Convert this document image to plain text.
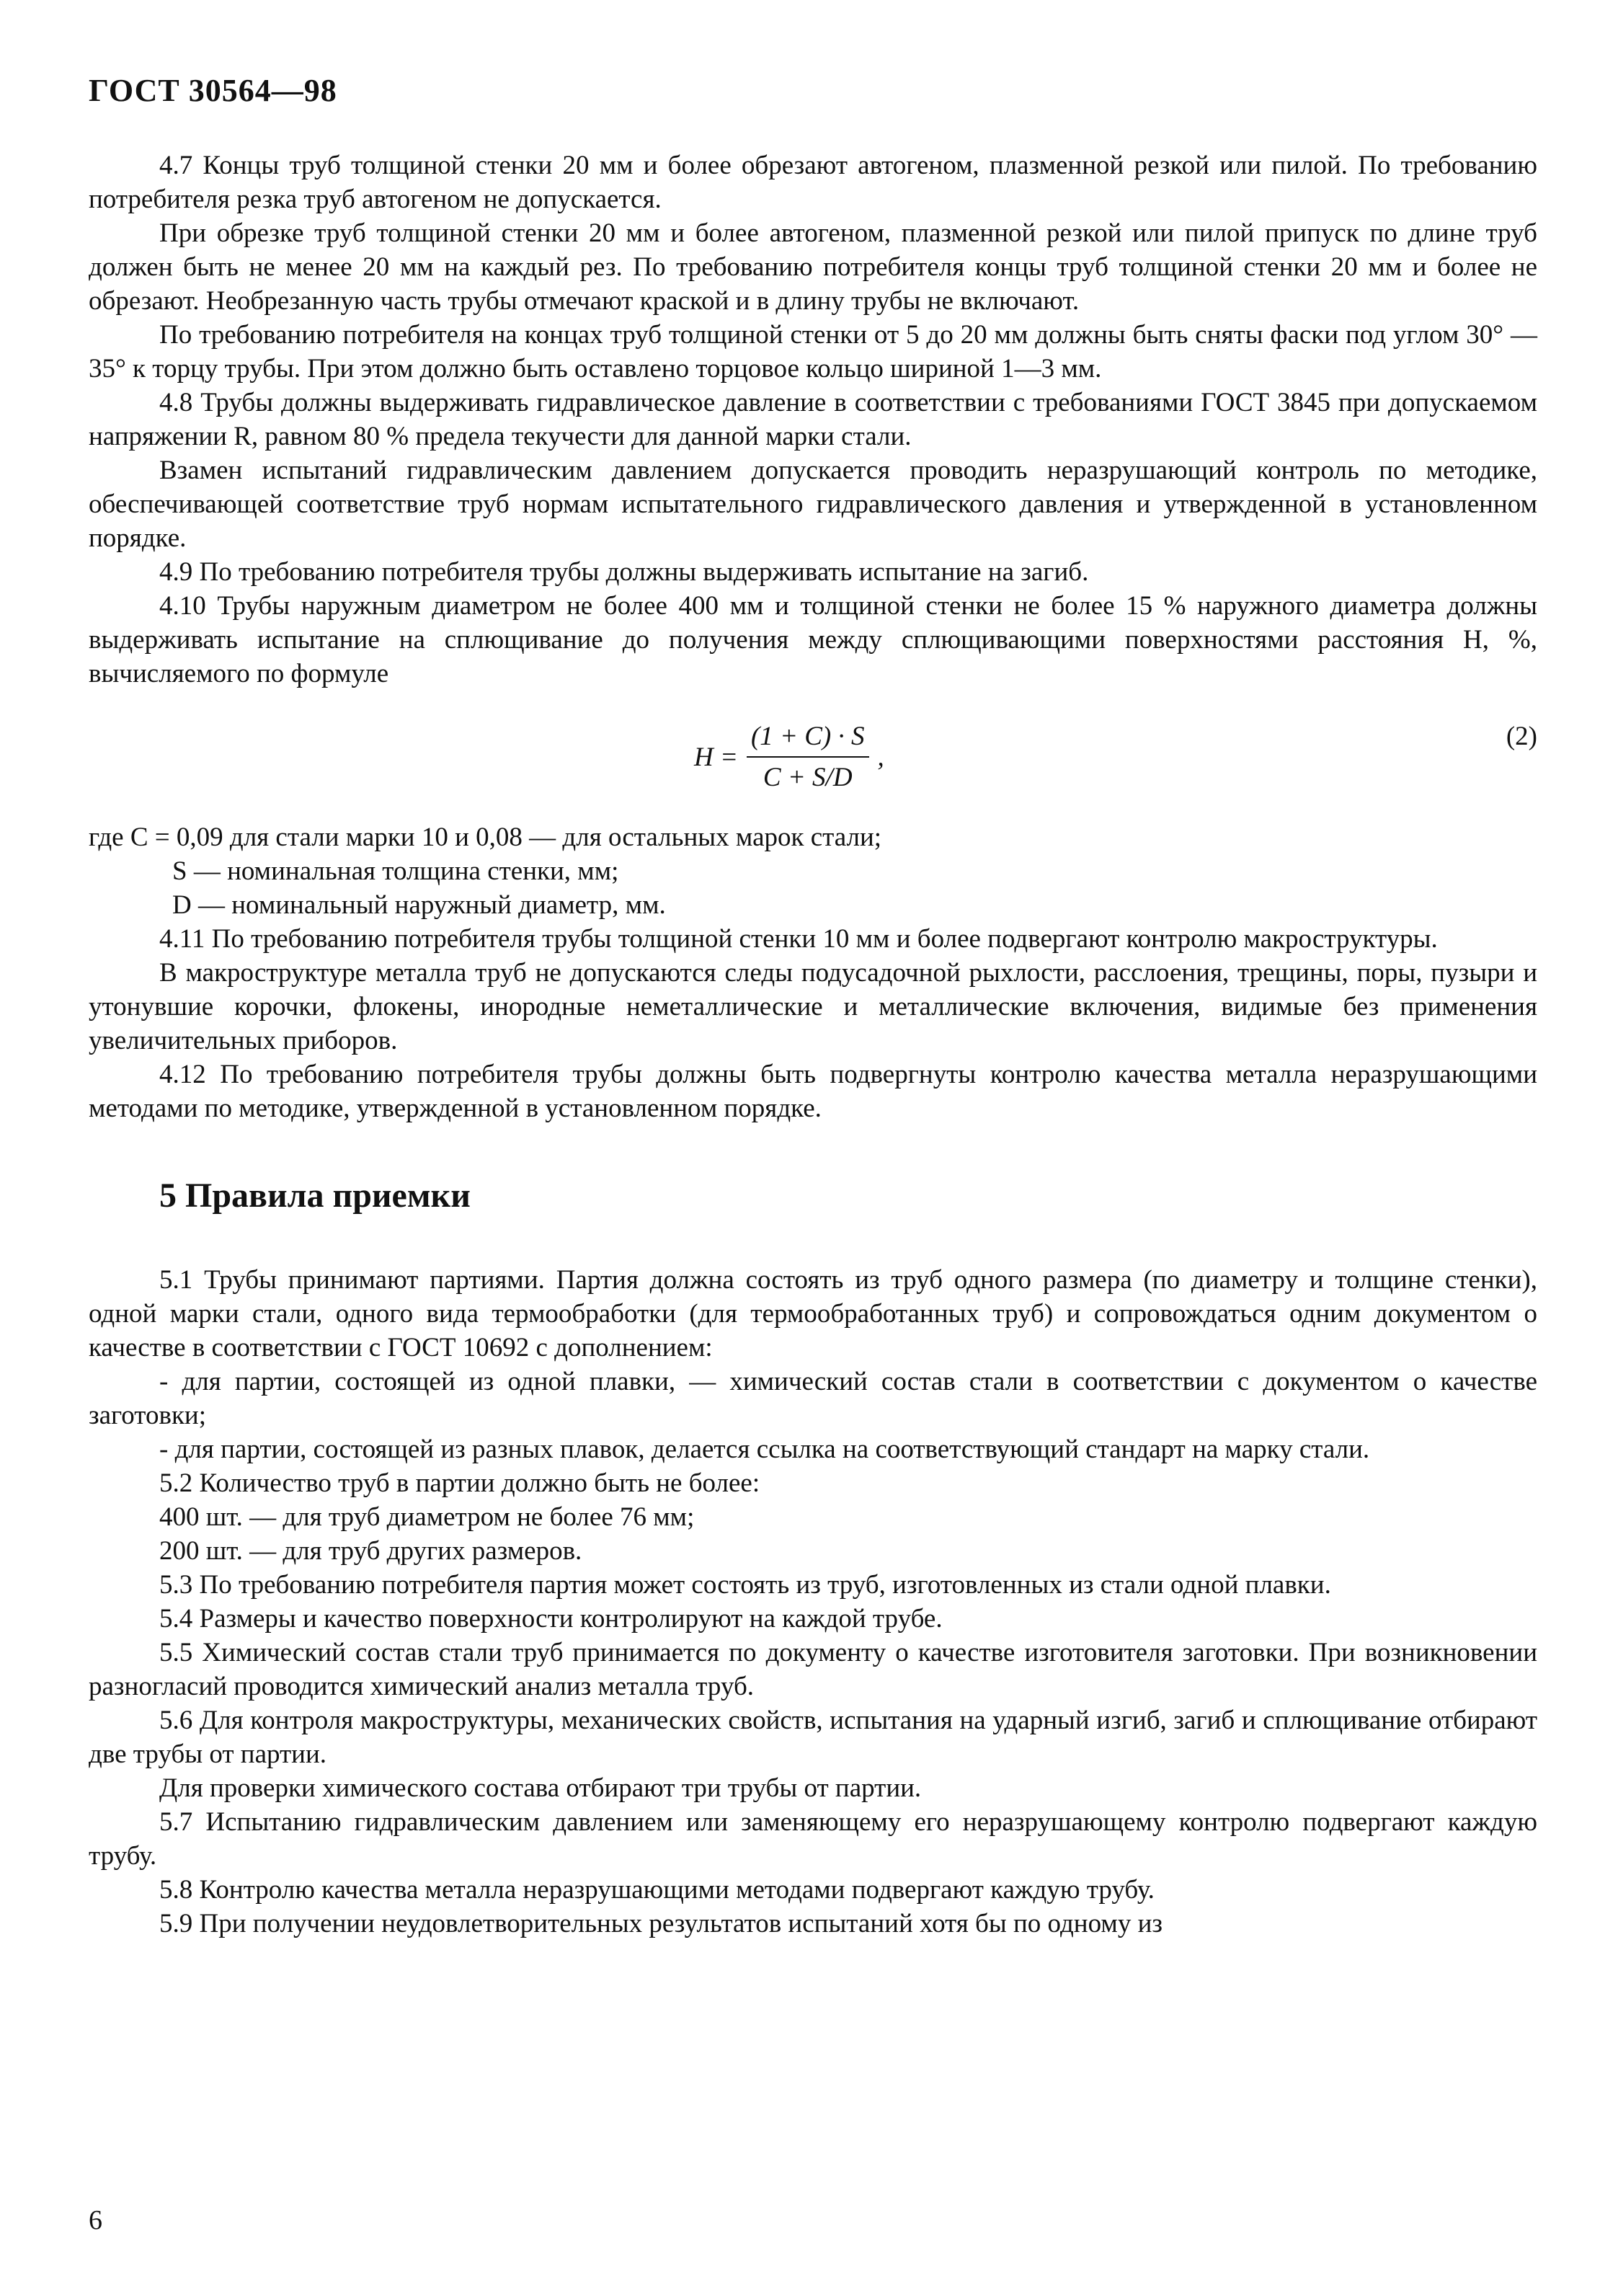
ГОСТ 30564—98

4.7 Концы труб толщиной стенки 20 мм и более обрезают автогеном, плазменной резкой или пилой. По требованию потребителя резка труб автогеном не допускается.

При обрезке труб толщиной стенки 20 мм и более автогеном, плазменной резкой или пилой припуск по длине труб должен быть не менее 20 мм на каждый рез. По требованию потребителя концы труб толщиной стенки 20 мм и более не обрезают. Необрезанную часть трубы отмечают краской и в длину трубы не включают.

По требованию потребителя на концах труб толщиной стенки от 5 до 20 мм должны быть сняты фаски под углом 30° — 35° к торцу трубы. При этом должно быть оставлено торцовое кольцо шириной 1—3 мм.

4.8 Трубы должны выдерживать гидравлическое давление в соответствии с требованиями ГОСТ 3845 при допускаемом напряжении R, равном 80 % предела текучести для данной марки стали.

Взамен испытаний гидравлическим давлением допускается проводить неразрушающий контроль по методике, обеспечивающей соответствие труб нормам испытательного гидравлического давления и утвержденной в установленном порядке.

4.9 По требованию потребителя трубы должны выдерживать испытание на загиб.

4.10 Трубы наружным диаметром не более 400 мм и толщиной стенки не более 15 % наружного диаметра должны выдерживать испытание на сплющивание до получения между сплющивающими поверхностями расстояния H, %, вычисляемого по формуле

$H = \frac{(1 + C) \cdot S}{C + S/D}$ ,
(2)

где C = 0,09 для стали марки 10 и 0,08 — для остальных марок стали;

S — номинальная толщина стенки, мм;

D — номинальный наружный диаметр, мм.

4.11 По требованию потребителя трубы толщиной стенки 10 мм и более подвергают контролю макроструктуры.

В макроструктуре металла труб не допускаются следы подусадочной рыхлости, расслоения, трещины, поры, пузыри и утонувшие корочки, флокены, инородные неметаллические и металлические включения, видимые без применения увеличительных приборов.

4.12 По требованию потребителя трубы должны быть подвергнуты контролю качества металла неразрушающими методами по методике, утвержденной в установленном порядке.

5 Правила приемки

5.1 Трубы принимают партиями. Партия должна состоять из труб одного размера (по диаметру и толщине стенки), одной марки стали, одного вида термообработки (для термообработанных труб) и сопровождаться одним документом о качестве в соответствии с ГОСТ 10692 с дополнением:

- для партии, состоящей из одной плавки, — химический состав стали в соответствии с документом о качестве заготовки;

- для партии, состоящей из разных плавок, делается ссылка на соответствующий стандарт на марку стали.

5.2 Количество труб в партии должно быть не более:

400 шт. — для труб диаметром не более 76 мм;

200 шт. — для труб других размеров.

5.3 По требованию потребителя партия может состоять из труб, изготовленных из стали одной плавки.

5.4 Размеры и качество поверхности контролируют на каждой трубе.

5.5 Химический состав стали труб принимается по документу о качестве изготовителя заготовки. При возникновении разногласий проводится химический анализ металла труб.

5.6 Для контроля макроструктуры, механических свойств, испытания на ударный изгиб, загиб и сплющивание отбирают две трубы от партии.

Для проверки химического состава отбирают три трубы от партии.

5.7 Испытанию гидравлическим давлением или заменяющему его неразрушающему контролю подвергают каждую трубу.

5.8 Контролю качества металла неразрушающими методами подвергают каждую трубу.

5.9 При получении неудовлетворительных результатов испытаний хотя бы по одному из

6
